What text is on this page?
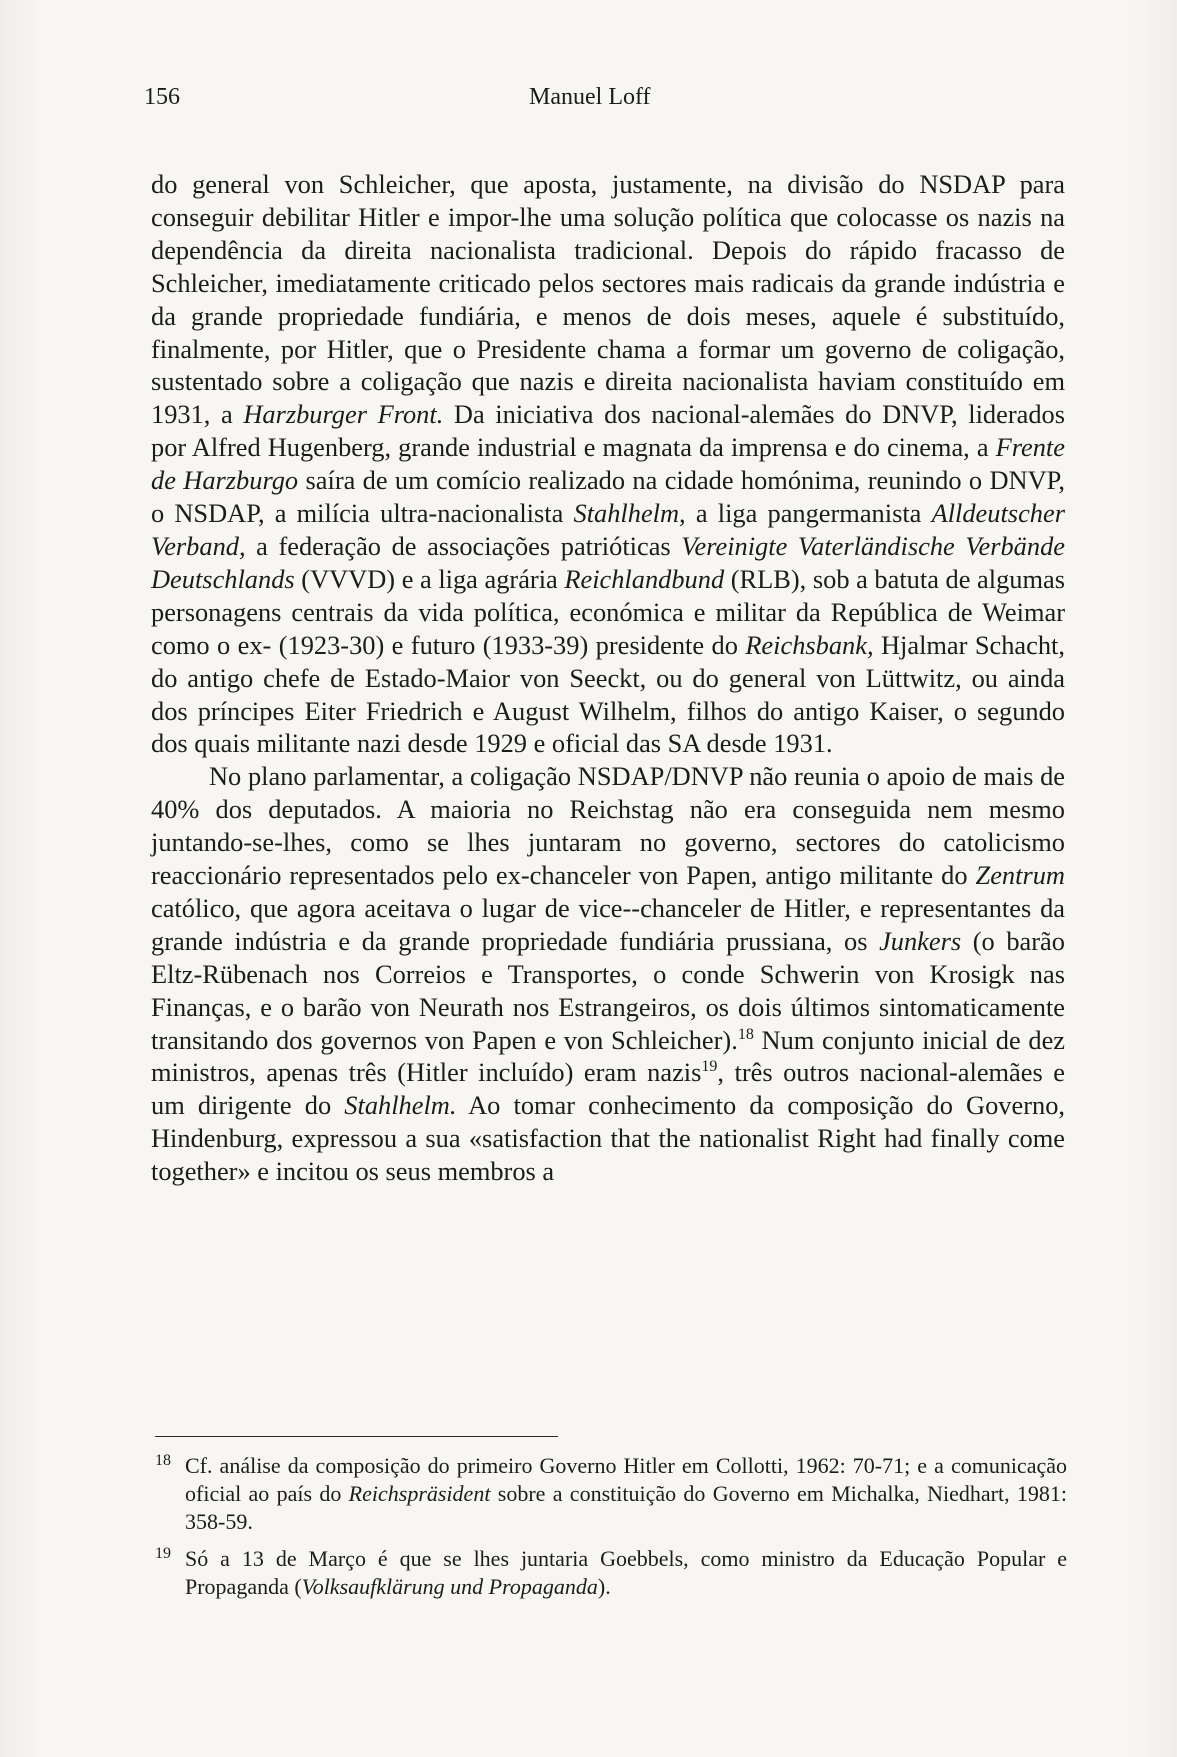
156	Manuel Loff

do general von Schleicher, que aposta, justamente, na divisão do NSDAP para conseguir debilitar Hitler e impor-lhe uma solução política que colocasse os nazis na dependência da direita nacionalista tradicional. Depois do rápido fracasso de Schleicher, imediatamente criticado pelos sectores mais radicais da grande indústria e da grande propriedade fundiária, e menos de dois meses, aquele é substituído, finalmente, por Hitler, que o Presidente chama a formar um governo de coligação, sustentado sobre a coligação que nazis e direita nacionalista haviam constituído em 1931, a Harzburger Front. Da iniciativa dos nacional-alemães do DNVP, liderados por Alfred Hugenberg, grande industrial e magnata da imprensa e do cinema, a Frente de Harzburgo saíra de um comício realizado na cidade homónima, reunindo o DNVP, o NSDAP, a milícia ultra-nacionalista Stahlhelm, a liga pangermanista Alldeutscher Verband, a federação de associações patrióticas Vereinigte Vaterländische Verbände Deutschlands (VVVD) e a liga agrária Reichlandbund (RLB), sob a batuta de algumas personagens centrais da vida política, económica e militar da República de Weimar como o ex- (1923-30) e futuro (1933-39) presidente do Reichsbank, Hjalmar Schacht, do antigo chefe de Estado-Maior von Seeckt, ou do general von Lüttwitz, ou ainda dos príncipes Eiter Friedrich e August Wilhelm, filhos do antigo Kaiser, o segundo dos quais militante nazi desde 1929 e oficial das SA desde 1931.

No plano parlamentar, a coligação NSDAP/DNVP não reunia o apoio de mais de 40% dos deputados. A maioria no Reichstag não era conseguida nem mesmo juntando-se-lhes, como se lhes juntaram no governo, sectores do catolicismo reaccionário representados pelo ex-chanceler von Papen, antigo militante do Zentrum católico, que agora aceitava o lugar de vice--chanceler de Hitler, e representantes da grande indústria e da grande propriedade fundiária prussiana, os Junkers (o barão Eltz-Rübenach nos Correios e Transportes, o conde Schwerin von Krosigk nas Finanças, e o barão von Neurath nos Estrangeiros, os dois últimos sintomaticamente transitando dos governos von Papen e von Schleicher).$^{18}$ Num conjunto inicial de dez ministros, apenas três (Hitler incluído) eram nazis$^{19}$, três outros nacional-alemães e um dirigente do Stahlhelm. Ao tomar conhecimento da composição do Governo, Hindenburg, expressou a sua «satisfaction that the nationalist Right had finally come together» e incitou os seus membros a

18 Cf. análise da composição do primeiro Governo Hitler em Collotti, 1962: 70-71; e a comunicação oficial ao país do Reichspräsident sobre a constituição do Governo em Michalka, Niedhart, 1981: 358-59.
19 Só a 13 de Março é que se lhes juntaria Goebbels, como ministro da Educação Popular e Propaganda (Volksaufklärung und Propaganda).
